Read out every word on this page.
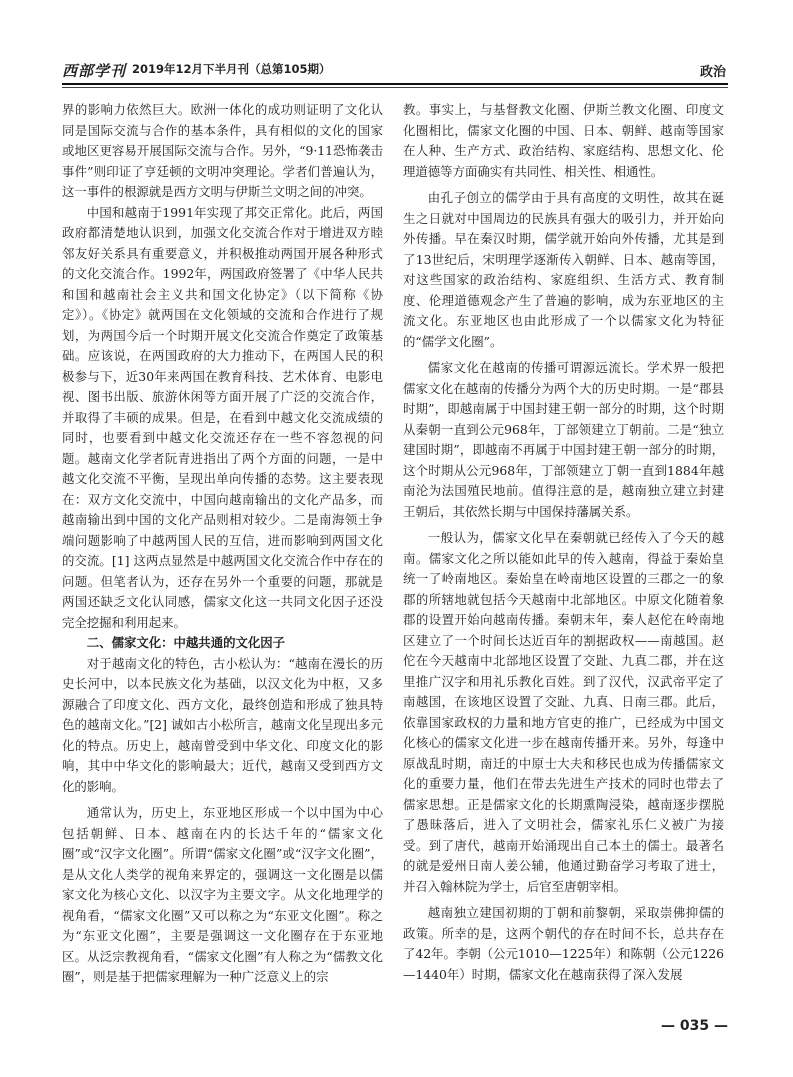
西部学刊 2019年12月下半月刊（总第105期）	政治

界的影响力依然巨大。欧洲一体化的成功则证明了文化认同是国际交流与合作的基本条件，具有相似的文化的国家或地区更容易开展国际交流与合作。另外，“9·11恐怖袭击事件”则印证了亨廷顿的文明冲突理论。学者们普遍认为，这一事件的根源就是西方文明与伊斯兰文明之间的冲突。

中国和越南于1991年实现了邦交正常化。此后，两国政府都清楚地认识到，加强文化交流合作对于增进双方睦邻友好关系具有重要意义，并积极推动两国开展各种形式的文化交流合作。1992年，两国政府签署了《中华人民共和国和越南社会主义共和国文化协定》（以下简称《协定》）。《协定》就两国在文化领域的交流和合作进行了规划，为两国今后一个时期开展文化交流合作奠定了政策基础。应该说，在两国政府的大力推动下，在两国人民的积极参与下，近30年来两国在教育科技、艺术体育、电影电视、图书出版、旅游休闲等方面开展了广泛的交流合作，并取得了丰硕的成果。但是，在看到中越文化交流成绩的同时，也要看到中越文化交流还存在一些不容忽视的问题。越南文化学者阮青进指出了两个方面的问题，一是中越文化交流不平衡，呈现出单向传播的态势。这主要表现在：双方文化交流中，中国向越南输出的文化产品多，而越南输出到中国的文化产品则相对较少。二是南海领土争端问题影响了中越两国人民的互信，进而影响到两国文化的交流。[1] 这两点显然是中越两国文化交流合作中存在的问题。但笔者认为，还存在另外一个重要的问题，那就是两国还缺乏文化认同感，儒家文化这一共同文化因子还没完全挖掘和利用起来。

二、儒家文化：中越共通的文化因子

对于越南文化的特色，古小松认为：“越南在漫长的历史长河中，以本民族文化为基础，以汉文化为中枢，又多源融合了印度文化、西方文化，最终创造和形成了独具特色的越南文化。”[2] 诚如古小松所言，越南文化呈现出多元化的特点。历史上，越南曾受到中华文化、印度文化的影响，其中中华文化的影响最大；近代，越南又受到西方文化的影响。

通常认为，历史上，东亚地区形成一个以中国为中心包括朝鲜、日本、越南在内的长达千年的“儒家文化圈”或“汉字文化圈”。所谓“儒家文化圈”或“汉字文化圈”，是从文化人类学的视角来界定的，强调这一文化圈是以儒家文化为核心文化、以汉字为主要文字。从文化地理学的视角看，“儒家文化圈”又可以称之为“东亚文化圈”。称之为“东亚文化圈”，主要是强调这一文化圈存在于东亚地区。从泛宗教视角看，“儒家文化圈”有人称之为“儒教文化圈”，则是基于把儒家理解为一种广泛意义上的宗

教。事实上，与基督教文化圈、伊斯兰教文化圈、印度文化圈相比，儒家文化圈的中国、日本、朝鲜、越南等国家在人种、生产方式、政治结构、家庭结构、思想文化、伦理道德等方面确实有共同性、相关性、相通性。

由孔子创立的儒学由于具有高度的文明性，故其在诞生之日就对中国周边的民族具有强大的吸引力，并开始向外传播。早在秦汉时期，儒学就开始向外传播，尤其是到了13世纪后，宋明理学逐渐传入朝鲜、日本、越南等国，对这些国家的政治结构、家庭组织、生活方式、教育制度、伦理道德观念产生了普遍的影响，成为东亚地区的主流文化。东亚地区也由此形成了一个以儒家文化为特征的“儒学文化圈”。

儒家文化在越南的传播可谓源远流长。学术界一般把儒家文化在越南的传播分为两个大的历史时期。一是“郡县时期”，即越南属于中国封建王朝一部分的时期，这个时期从秦朝一直到公元968年，丁部领建立丁朝前。二是“独立建国时期”，即越南不再属于中国封建王朝一部分的时期，这个时期从公元968年，丁部领建立丁朝一直到1884年越南沦为法国殖民地前。值得注意的是，越南独立建立封建王朝后，其依然长期与中国保持藩属关系。

一般认为，儒家文化早在秦朝就已经传入了今天的越南。儒家文化之所以能如此早的传入越南，得益于秦始皇统一了岭南地区。秦始皇在岭南地区设置的三郡之一的象郡的所辖地就包括今天越南中北部地区。中原文化随着象郡的设置开始向越南传播。秦朝末年，秦人赵佗在岭南地区建立了一个时间长达近百年的割据政权——南越国。赵佗在今天越南中北部地区设置了交趾、九真二郡，并在这里推广汉字和用礼乐教化百姓。到了汉代，汉武帝平定了南越国，在该地区设置了交趾、九真、日南三郡。此后，依靠国家政权的力量和地方官吏的推广，已经成为中国文化核心的儒家文化进一步在越南传播开来。另外，每逢中原战乱时期，南迁的中原士大夫和移民也成为传播儒家文化的重要力量，他们在带去先进生产技术的同时也带去了儒家思想。正是儒家文化的长期熏陶浸染，越南逐步摆脱了愚昧落后，进入了文明社会，儒家礼乐仁义被广为接受。到了唐代，越南开始涌现出自己本土的儒士。最著名的就是爱州日南人姜公辅，他通过勤奋学习考取了进士，并召入翰林院为学士，后官至唐朝宰相。

越南独立建国初期的丁朝和前黎朝，采取崇佛抑儒的政策。所幸的是，这两个朝代的存在时间不长，总共存在了42年。李朝（公元1010—1225年）和陈朝（公元1226—1440年）时期，儒家文化在越南获得了深入发展

— 035 —
